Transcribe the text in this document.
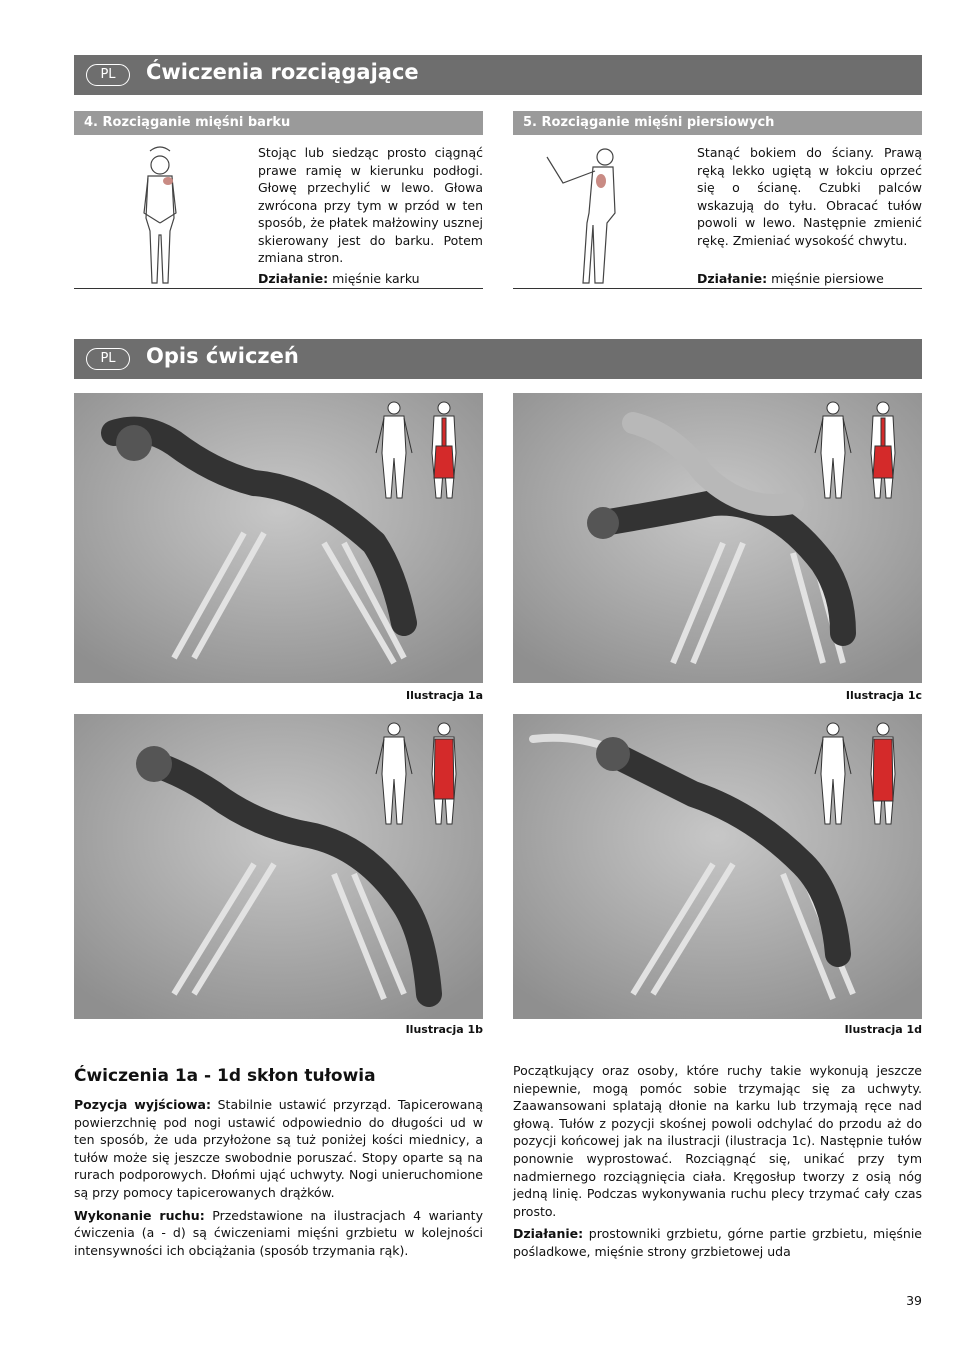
PL	Ćwiczenia rozciągające
4. Rozciąganie mięśni barku
Stojąc lub siedząc prosto ciągnąć prawe ramię w kierunku podłogi. Głowę przechylić w lewo. Głowa zwrócona przy tym w przód w ten sposób, że płatek małżowiny usznej skierowany jest do barku. Potem zmiana stron.
Działanie: mięśnie karku
5. Rozciąganie mięśni piersiowych
Stanąć bokiem do ściany. Prawą ręką lekko ugiętą w łokciu oprzeć się o ścianę. Czubki palców wskazują do tyłu. Obracać tułów powoli w lewo. Następnie zmienić rękę. Zmieniać wysokość chwytu.
Działanie: mięśnie piersiowe
PL	Opis ćwiczeń
Ilustracja 1a	Ilustracja 1c
Ilustracja 1b	Ilustracja 1d
Ćwiczenia 1a - 1d skłon tułowia

Pozycja wyjściowa: Stabilnie ustawić przyrząd. Tapicerowaną powierzchnię pod nogi ustawić odpowiednio do długości ud w ten sposób, że uda przyłożone są tuż poniżej kości miednicy, a tułów może się jeszcze swobodnie poruszać. Stopy oparte są na rurach podporowych. Dłońmi ująć uchwyty. Nogi unieruchomione są przy pomocy tapicerowanych drążków.

Wykonanie ruchu: Przedstawione na ilustracjach 4 warianty ćwiczenia (a - d) są ćwiczeniami mięśni grzbietu w kolejności intensywności ich obciążania (sposób trzymania rąk).

Początkujący oraz osoby, które ruchy takie wykonują jeszcze niepewnie, mogą pomóc sobie trzymając się za uchwyty. Zaawansowani splatają dłonie na karku lub trzymają ręce nad głową. Tułów z pozycji skośnej powoli odchylać do przodu aż do pozycji końcowej jak na ilustracji (ilustracja 1c). Następnie tułów ponownie wyprostować. Rozciągnąć się, unikać przy tym nadmiernego rozciągnięcia ciała. Kręgosłup tworzy z osią nóg jedną linię. Podczas wykonywania ruchu plecy trzymać cały czas prosto.

Działanie: prostowniki grzbietu, górne partie grzbietu, mięśnie pośladkowe, mięśnie strony grzbietowej uda

39
